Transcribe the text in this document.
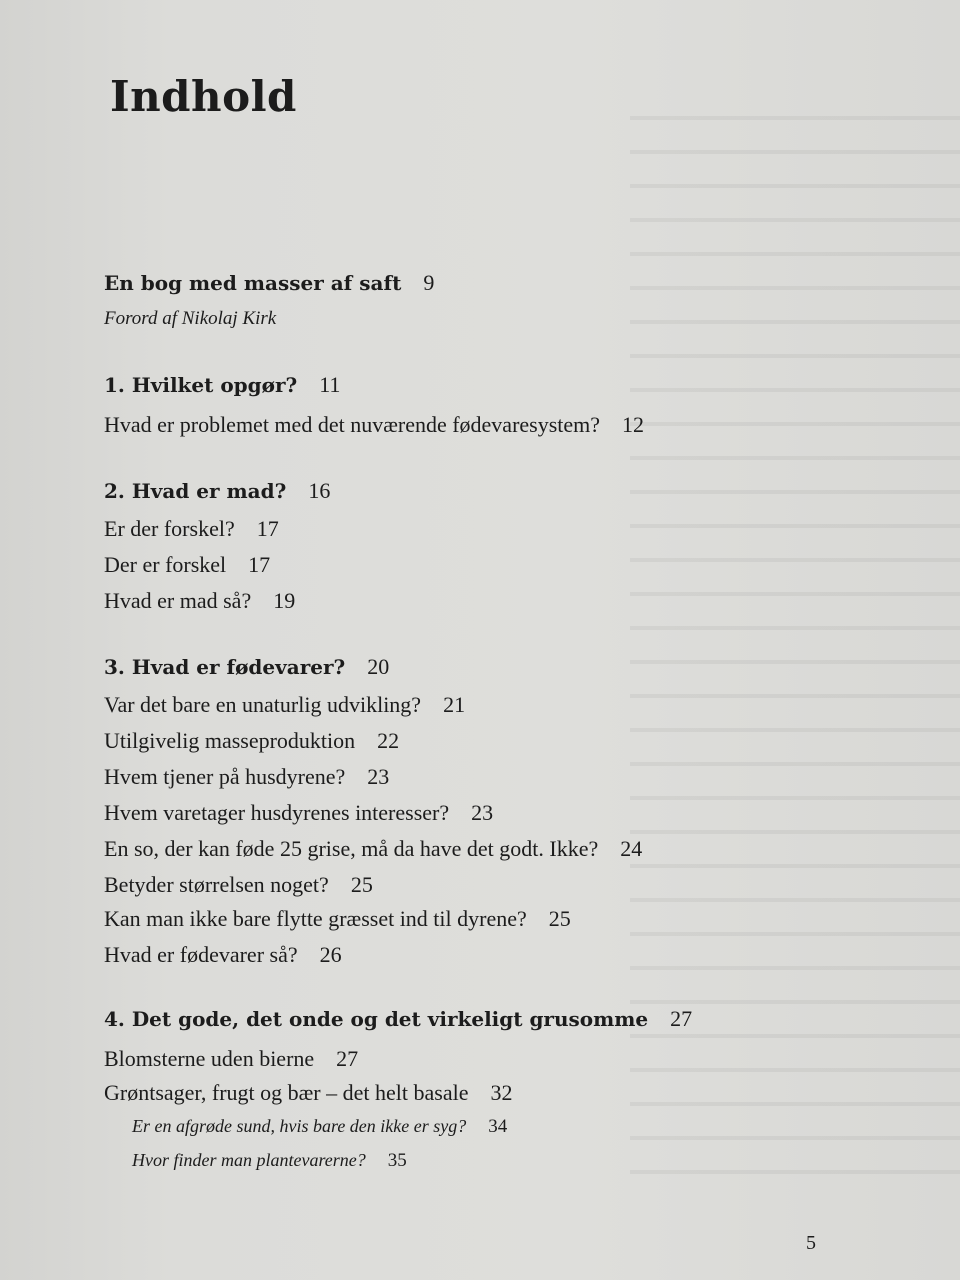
Indhold
En bog med masser af saft 9
Forord af Nikolaj Kirk
1. Hvilket opgør? 11
Hvad er problemet med det nuværende fødevaresystem? 12
2. Hvad er mad? 16
Er der forskel? 17
Der er forskel 17
Hvad er mad så? 19
3. Hvad er fødevarer? 20
Var det bare en unaturlig udvikling? 21
Utilgivelig masseproduktion 22
Hvem tjener på husdyrene? 23
Hvem varetager husdyrenes interesser? 23
En so, der kan føde 25 grise, må da have det godt. Ikke? 24
Betyder størrelsen noget? 25
Kan man ikke bare flytte græsset ind til dyrene? 25
Hvad er fødevarer så? 26
4. Det gode, det onde og det virkeligt grusomme 27
Blomsterne uden bierne 27
Grøntsager, frugt og bær – det helt basale 32
Er en afgrøde sund, hvis bare den ikke er syg? 34
Hvor finder man plantevarerne? 35
5
